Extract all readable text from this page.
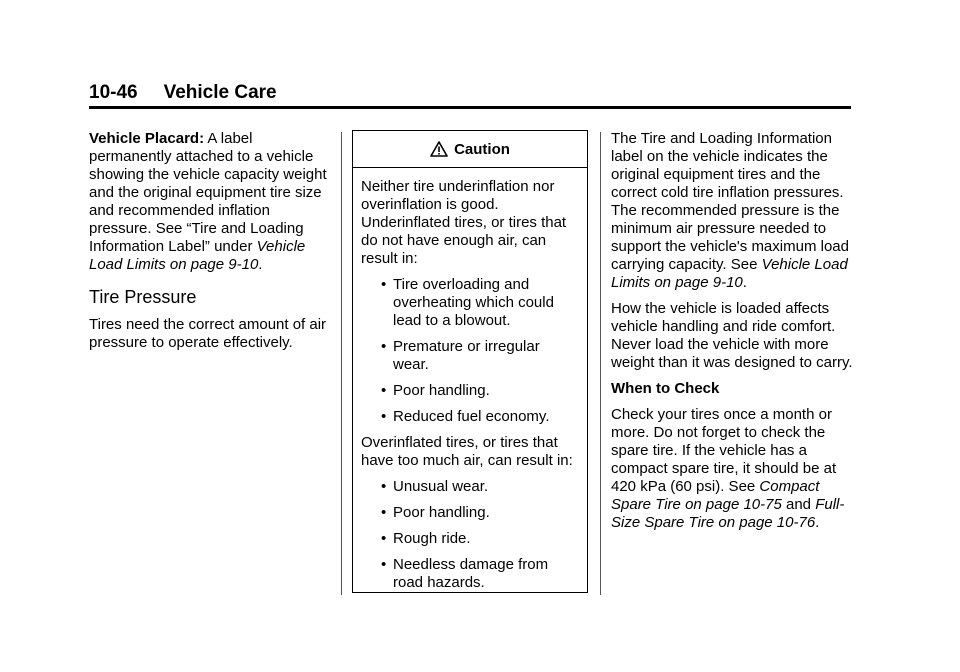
10-46 Vehicle Care

Vehicle Placard: A label permanently attached to a vehicle showing the vehicle capacity weight and the original equipment tire size and recommended inflation pressure. See “Tire and Loading Information Label” under Vehicle Load Limits on page 9-10.

Tire Pressure

Tires need the correct amount of air pressure to operate effectively.

Caution

Neither tire underinflation nor overinflation is good. Underinflated tires, or tires that do not have enough air, can result in:

• Tire overloading and overheating which could lead to a blowout.
• Premature or irregular wear.
• Poor handling.
• Reduced fuel economy.

Overinflated tires, or tires that have too much air, can result in:

• Unusual wear.
• Poor handling.
• Rough ride.
• Needless damage from road hazards.

The Tire and Loading Information label on the vehicle indicates the original equipment tires and the correct cold tire inflation pressures. The recommended pressure is the minimum air pressure needed to support the vehicle's maximum load carrying capacity. See Vehicle Load Limits on page 9-10.

How the vehicle is loaded affects vehicle handling and ride comfort. Never load the vehicle with more weight than it was designed to carry.

When to Check

Check your tires once a month or more. Do not forget to check the spare tire. If the vehicle has a compact spare tire, it should be at 420 kPa (60 psi). See Compact Spare Tire on page 10-75 and Full-Size Spare Tire on page 10-76.
